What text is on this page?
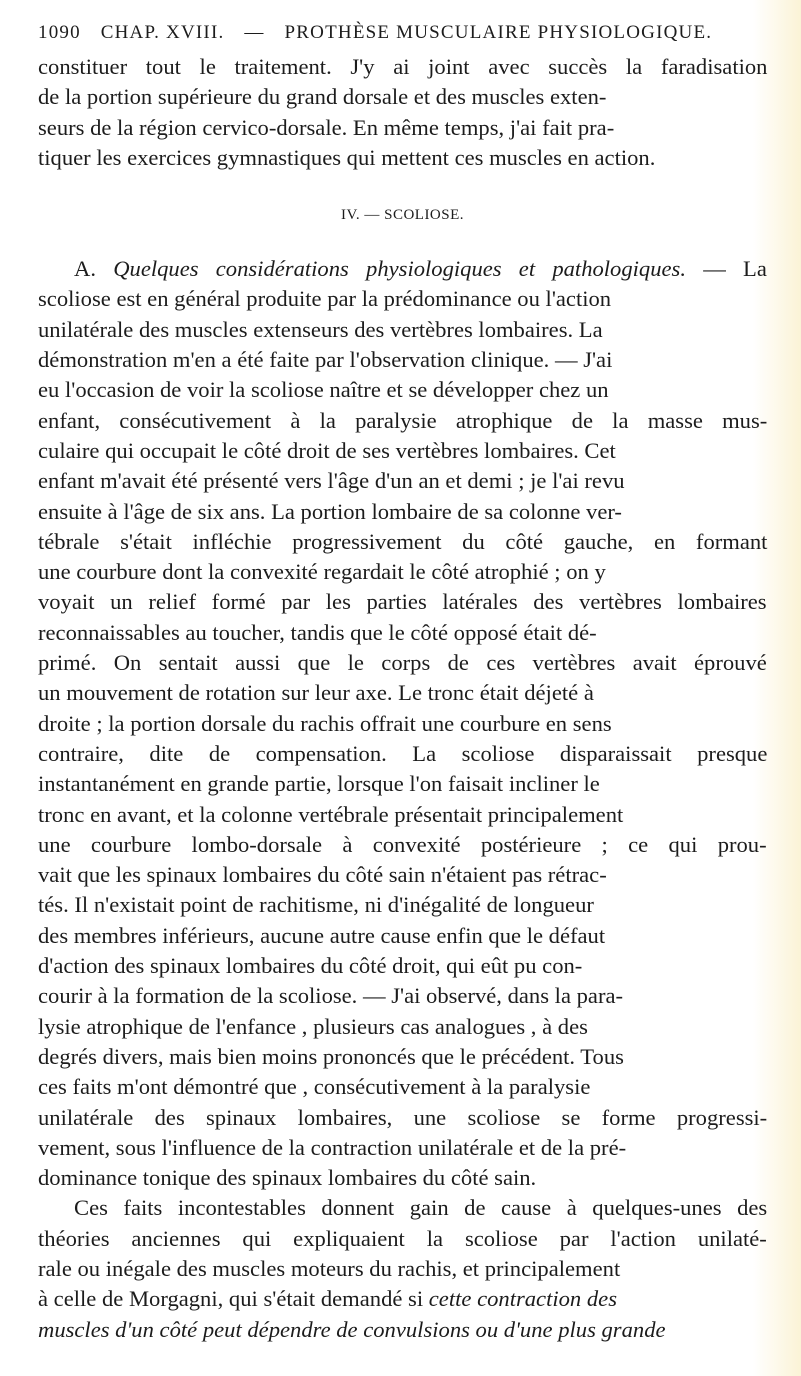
1090 CHAP. XVIII. — PROTHÈSE MUSCULAIRE PHYSIOLOGIQUE.

constituer tout le traitement. J'y ai joint avec succès la faradisation
de la portion supérieure du grand dorsale et des muscles exten-
seurs de la région cervico-dorsale. En même temps, j'ai fait pra-
tiquer les exercices gymnastiques qui mettent ces muscles en action.

IV. — SCOLIOSE.

A. Quelques considérations physiologiques et pathologiques. — La
scoliose est en général produite par la prédominance ou l'action
unilatérale des muscles extenseurs des vertèbres lombaires. La
démonstration m'en a été faite par l'observation clinique. — J'ai
eu l'occasion de voir la scoliose naître et se développer chez un
enfant, consécutivement à la paralysie atrophique de la masse mus-
culaire qui occupait le côté droit de ses vertèbres lombaires. Cet
enfant m'avait été présenté vers l'âge d'un an et demi ; je l'ai revu
ensuite à l'âge de six ans. La portion lombaire de sa colonne ver-
tébrale s'était infléchie progressivement du côté gauche, en formant
une courbure dont la convexité regardait le côté atrophié ; on y
voyait un relief formé par les parties latérales des vertèbres lombaires
reconnaissables au toucher, tandis que le côté opposé était dé-
primé. On sentait aussi que le corps de ces vertèbres avait éprouvé
un mouvement de rotation sur leur axe. Le tronc était déjeté à
droite ; la portion dorsale du rachis offrait une courbure en sens
contraire, dite de compensation. La scoliose disparaissait presque
instantanément en grande partie, lorsque l'on faisait incliner le
tronc en avant, et la colonne vertébrale présentait principalement
une courbure lombo-dorsale à convexité postérieure ; ce qui prou-
vait que les spinaux lombaires du côté sain n'étaient pas rétrac-
tés. Il n'existait point de rachitisme, ni d'inégalité de longueur
des membres inférieurs, aucune autre cause enfin que le défaut
d'action des spinaux lombaires du côté droit, qui eût pu con-
courir à la formation de la scoliose. — J'ai observé, dans la para-
lysie atrophique de l'enfance , plusieurs cas analogues , à des
degrés divers, mais bien moins prononcés que le précédent. Tous
ces faits m'ont démontré que , consécutivement à la paralysie
unilatérale des spinaux lombaires, une scoliose se forme progressi-
vement, sous l'influence de la contraction unilatérale et de la pré-
dominance tonique des spinaux lombaires du côté sain.

Ces faits incontestables donnent gain de cause à quelques-unes des
théories anciennes qui expliquaient la scoliose par l'action unilaté-
rale ou inégale des muscles moteurs du rachis, et principalement
à celle de Morgagni, qui s'était demandé si cette contraction des
muscles d'un côté peut dépendre de convulsions ou d'une plus grande
